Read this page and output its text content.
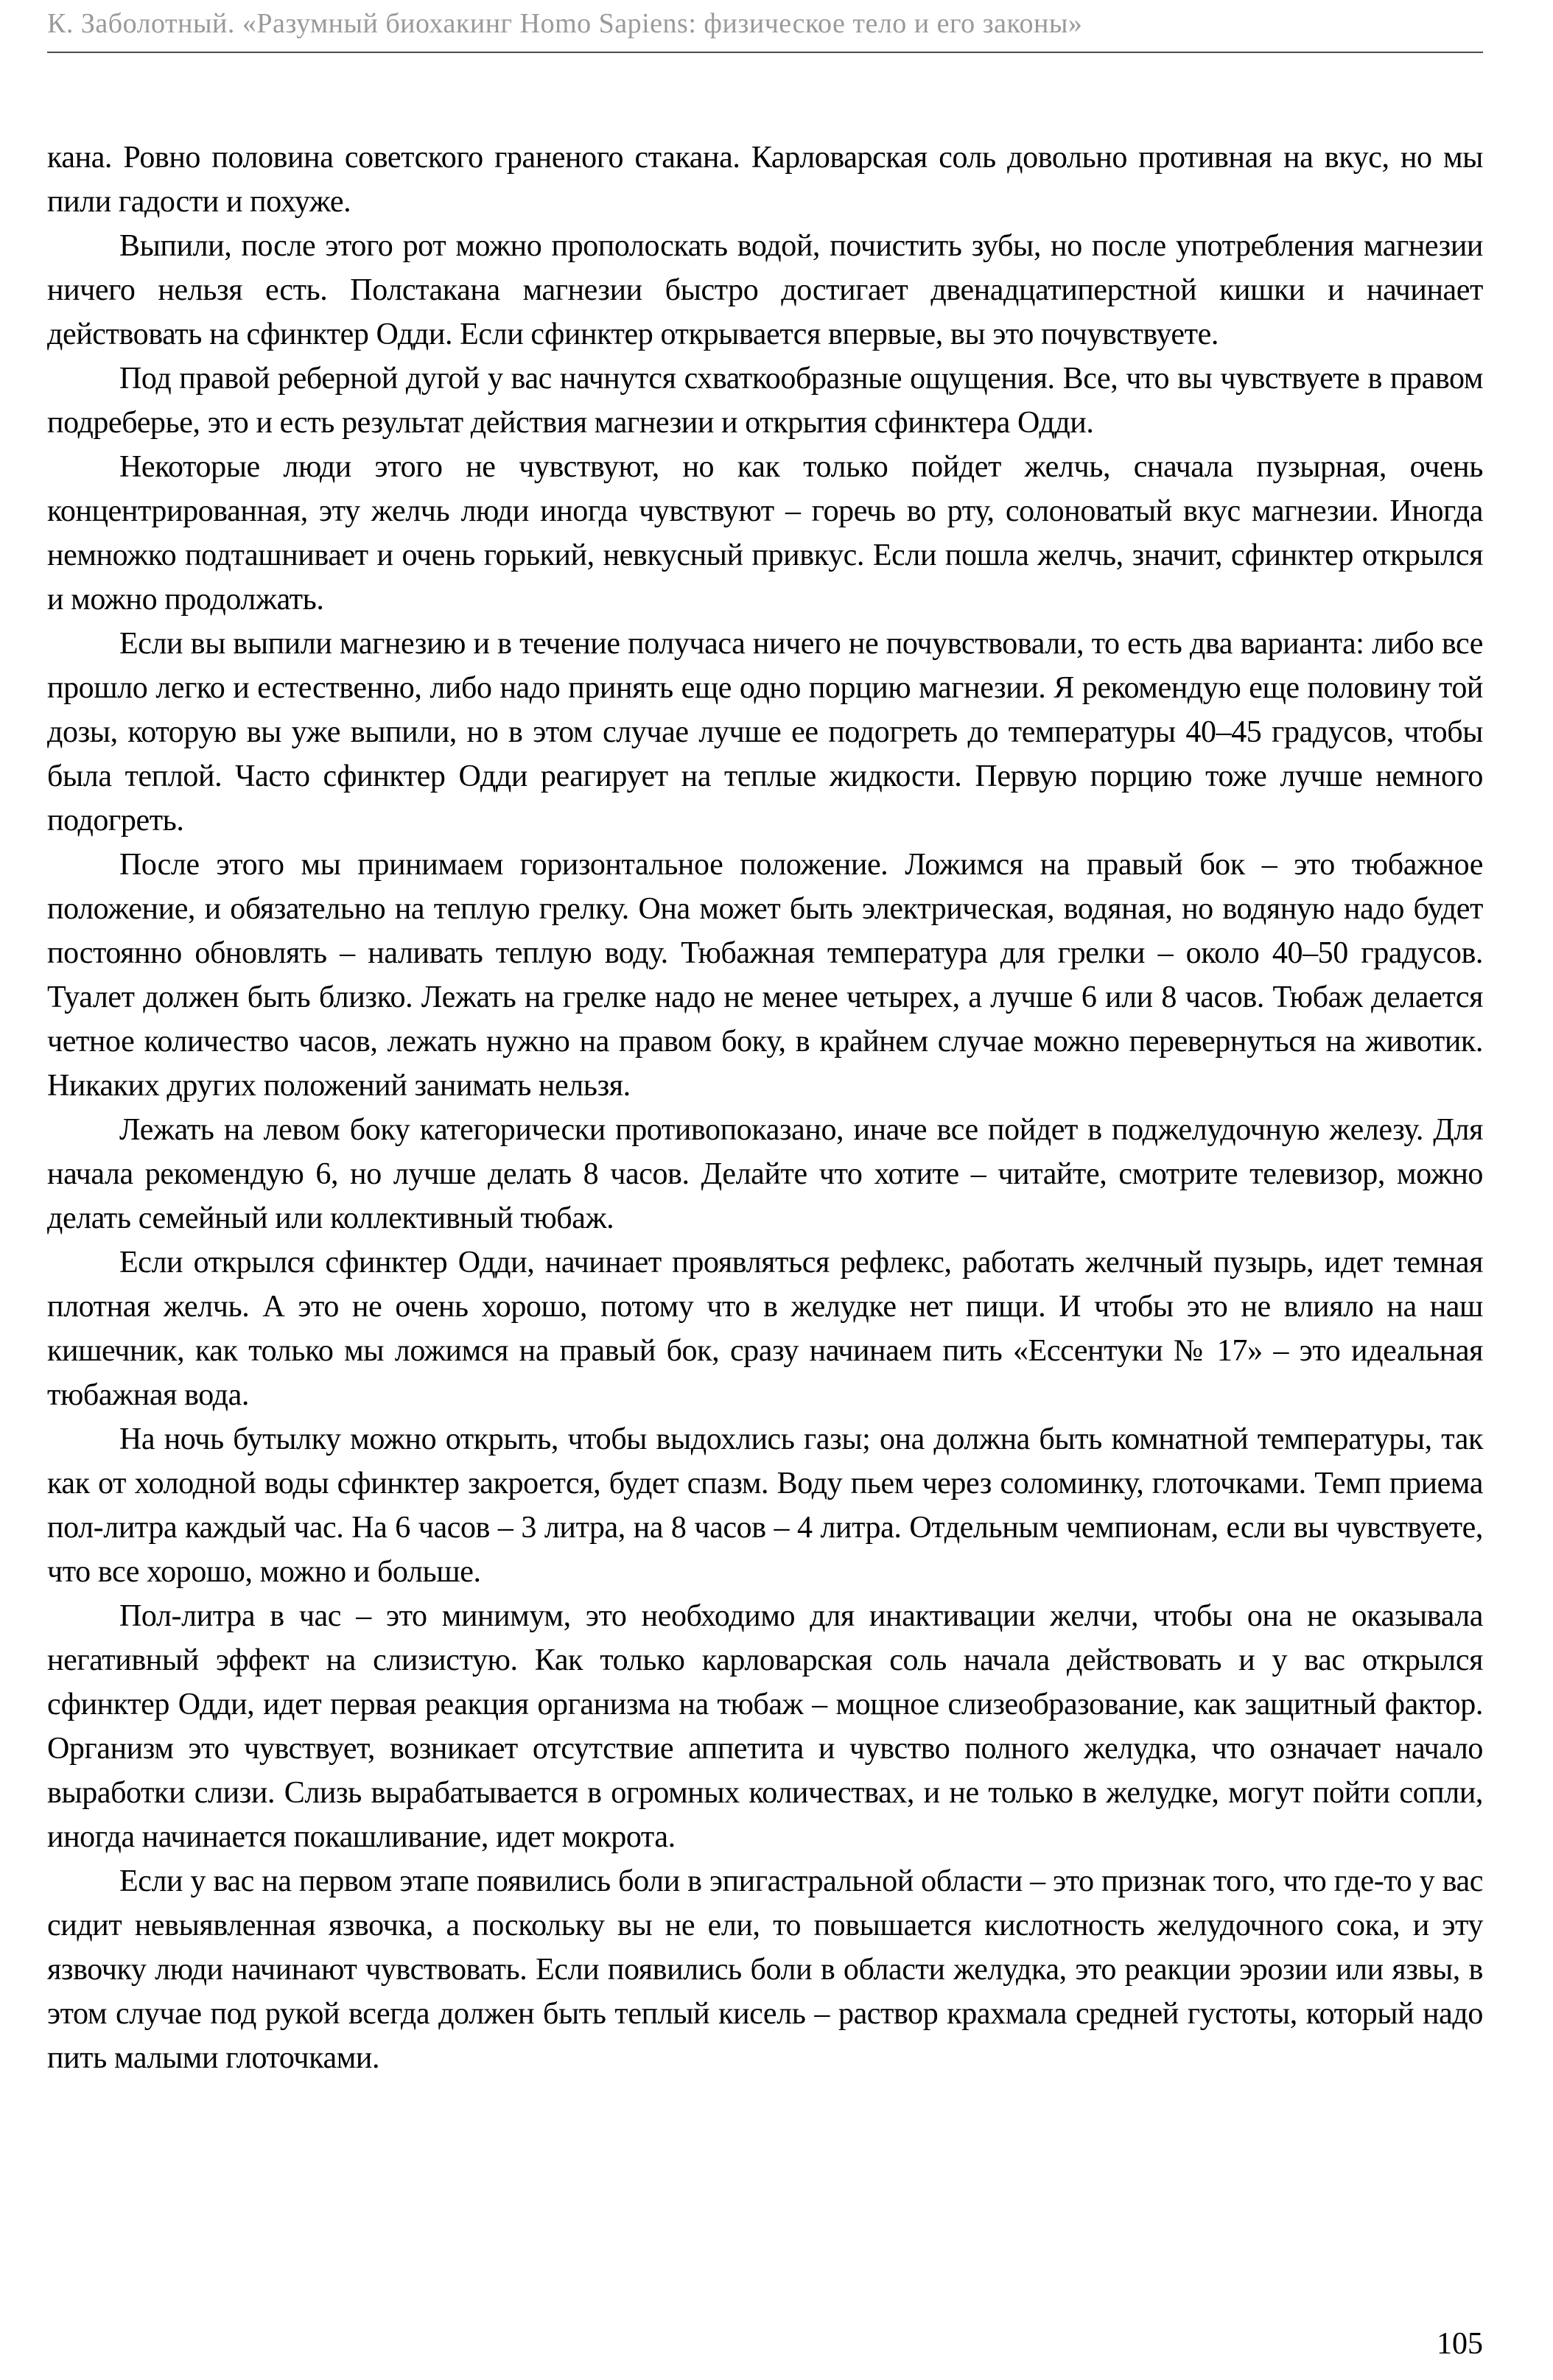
К. Заболотный. «Разумный биохакинг Homo Sapiens: физическое тело и его законы»

кана. Ровно половина советского граненого стакана. Карловарская соль довольно противная на вкус, но мы пили гадости и похуже.

Выпили, после этого рот можно прополоскать водой, почистить зубы, но после употребления магнезии ничего нельзя есть. Полстакана магнезии быстро достигает двенадцатиперстной кишки и начинает действовать на сфинктер Одди. Если сфинктер открывается впервые, вы это почувствуете.

Под правой реберной дугой у вас начнутся схваткообразные ощущения. Все, что вы чувствуете в правом подреберье, это и есть результат действия магнезии и открытия сфинктера Одди.

Некоторые люди этого не чувствуют, но как только пойдет желчь, сначала пузырная, очень концентрированная, эту желчь люди иногда чувствуют – горечь во рту, солоноватый вкус магнезии. Иногда немножко подташнивает и очень горький, невкусный привкус. Если пошла желчь, значит, сфинктер открылся и можно продолжать.

Если вы выпили магнезию и в течение получаса ничего не почувствовали, то есть два варианта: либо все прошло легко и естественно, либо надо принять еще одно порцию магнезии. Я рекомендую еще половину той дозы, которую вы уже выпили, но в этом случае лучше ее подогреть до температуры 40–45 градусов, чтобы была теплой. Часто сфинктер Одди реагирует на теплые жидкости. Первую порцию тоже лучше немного подогреть.

После этого мы принимаем горизонтальное положение. Ложимся на правый бок – это тюбажное положение, и обязательно на теплую грелку. Она может быть электрическая, водяная, но водяную надо будет постоянно обновлять – наливать теплую воду. Тюбажная температура для грелки – около 40–50 градусов. Туалет должен быть близко. Лежать на грелке надо не менее четырех, а лучше 6 или 8 часов. Тюбаж делается четное количество часов, лежать нужно на правом боку, в крайнем случае можно перевернуться на животик. Никаких других положений занимать нельзя.

Лежать на левом боку категорически противопоказано, иначе все пойдет в поджелудочную железу. Для начала рекомендую 6, но лучше делать 8 часов. Делайте что хотите – читайте, смотрите телевизор, можно делать семейный или коллективный тюбаж.

Если открылся сфинктер Одди, начинает проявляться рефлекс, работать желчный пузырь, идет темная плотная желчь. А это не очень хорошо, потому что в желудке нет пищи. И чтобы это не влияло на наш кишечник, как только мы ложимся на правый бок, сразу начинаем пить «Ессентуки № 17» – это идеальная тюбажная вода.

На ночь бутылку можно открыть, чтобы выдохлись газы; она должна быть комнатной температуры, так как от холодной воды сфинктер закроется, будет спазм. Воду пьем через соломинку, глоточками. Темп приема пол-литра каждый час. На 6 часов – 3 литра, на 8 часов – 4 литра. Отдельным чемпионам, если вы чувствуете, что все хорошо, можно и больше.

Пол-литра в час – это минимум, это необходимо для инактивации желчи, чтобы она не оказывала негативный эффект на слизистую. Как только карловарская соль начала действовать и у вас открылся сфинктер Одди, идет первая реакция организма на тюбаж – мощное слизеобразование, как защитный фактор. Организм это чувствует, возникает отсутствие аппетита и чувство полного желудка, что означает начало выработки слизи. Слизь вырабатывается в огромных количествах, и не только в желудке, могут пойти сопли, иногда начинается покашливание, идет мокрота.

Если у вас на первом этапе появились боли в эпигастральной области – это признак того, что где-то у вас сидит невыявленная язвочка, а поскольку вы не ели, то повышается кислотность желудочного сока, и эту язвочку люди начинают чувствовать. Если появились боли в области желудка, это реакции эрозии или язвы, в этом случае под рукой всегда должен быть теплый кисель – раствор крахмала средней густоты, который надо пить малыми глоточками.

105
